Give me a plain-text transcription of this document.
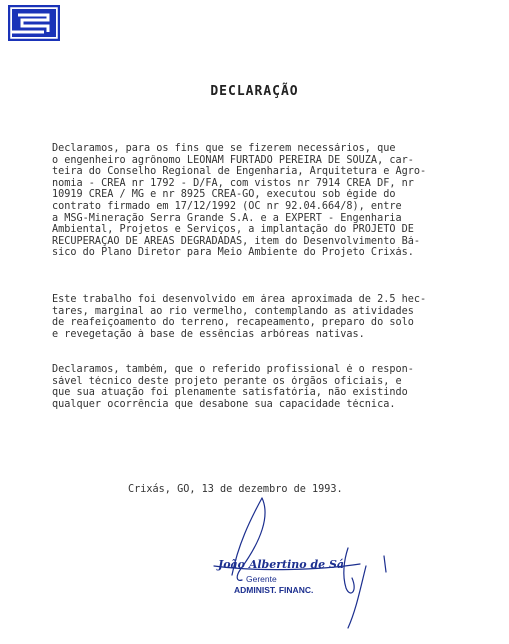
DECLARAÇÃO
Declaramos, para os fins que se fizerem necessários, que
o engenheiro agrônomo LEONAM FURTADO PEREIRA DE SOUZA, car-
teira do Conselho Regional de Engenharia, Arquitetura e Agro-
nomia - CREA nr 1792 - D/FA, com vistos nr 7914 CREA DF, nr
10919 CREA / MG e nr 8925 CREA-GO, executou sob égide do
contrato firmado em 17/12/1992 (OC nr 92.04.664/8), entre
a MSG-Mineração Serra Grande S.A. e a EXPERT - Engenharia
Ambiental, Projetos e Serviços, a implantação do PROJETO DE
RECUPERAÇÃO DE ÁREAS DEGRADADAS, item do Desenvolvimento Bá-
sico do Plano Diretor para Meio Ambiente do Projeto Crixás.
Este trabalho foi desenvolvido em área aproximada de 2.5 hec-
tares, marginal ao rio vermelho, contemplando as atividades
de reafeiçoamento do terreno, recapeamento, preparo do solo
e revegetação à base de essências arbóreas nativas.
Declaramos, também, que o referido profissional é o respon-
sável técnico deste projeto perante os órgãos oficiais, e
que sua atuação foi plenamente satisfatória, não existindo
qualquer ocorrência que desabone sua capacidade técnica.
Crixás, GO, 13 de dezembro de 1993.
João Albertino de Sá
Gerente
ADMINIST. FINANC.
